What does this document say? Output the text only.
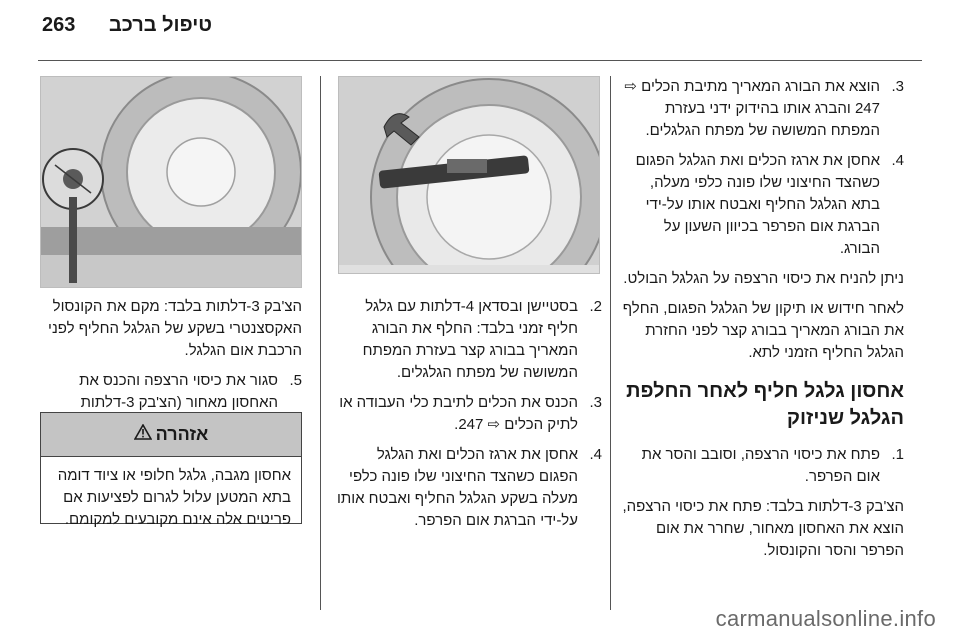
263 טיפול ברכב
3.
הוצא את הבורג המאריך מתיבת הכלים ⇨ 247 והברג אותו בהידוק ידני בעזרת המפתח המשושה של מפתח הגלגלים.
4.
אחסן את ארגז הכלים ואת הגלגל הפגום כשהצד החיצוני שלו פונה כלפי מעלה, בתא הגלגל החליף ואבטח אותו על-ידי הברגת אום הפרפר בכיוון השעון על הבורג.

ניתן להניח את כיסוי הרצפה על הגלגל הבולט.

לאחר חידוש או תיקון של הגלגל הפגום, החלף את הבורג המאריך בבורג קצר לפני החזרת הגלגל החליף הזמני לתא.

אחסון גלגל חליף לאחר החלפת הגלגל שניזוק
1.
פתח את כיסוי הרצפה, וסובב והסר את אום הפרפר.

הצ'בק 3-דלתות בלבד: פתח את כיסוי הרצפה, הוצא את האחסון מאחור, שחרר את אום הפרפר והסר והקונסול.

2.
בסטיישן ובסדאן 4-דלתות עם גלגל חליף זמני בלבד: החלף את הבורג המאריך בבורג קצר בעזרת המפתח המשושה של מפתח הגלגלים.
3.
הכנס את הכלים לתיבת כלי העבודה או לתיק הכלים ⇨ 247.
4.
אחסן את ארגז הכלים ואת הגלגל הפגום כשהצד החיצוני שלו פונה כלפי מעלה בשקע הגלגל החליף ואבטח אותו על-ידי הברגת אום הפרפר.

הצ'בק 3-דלתות בלבד: מקם את הקונסול האקסצנטרי בשקע של הגלגל החליף לפני הרכבת אום הגלגל.

5.
סגור את כיסוי הרצפה והכנס את האחסון מאחור (הצ'בק 3-דלתות
אזהרה
אחסון מגבה, גלגל חלופי או ציוד דומה בתא המטען עלול לגרום לפציעות אם פריטים אלה אינם מקובעים למקומם.
carmanualsonline.info
